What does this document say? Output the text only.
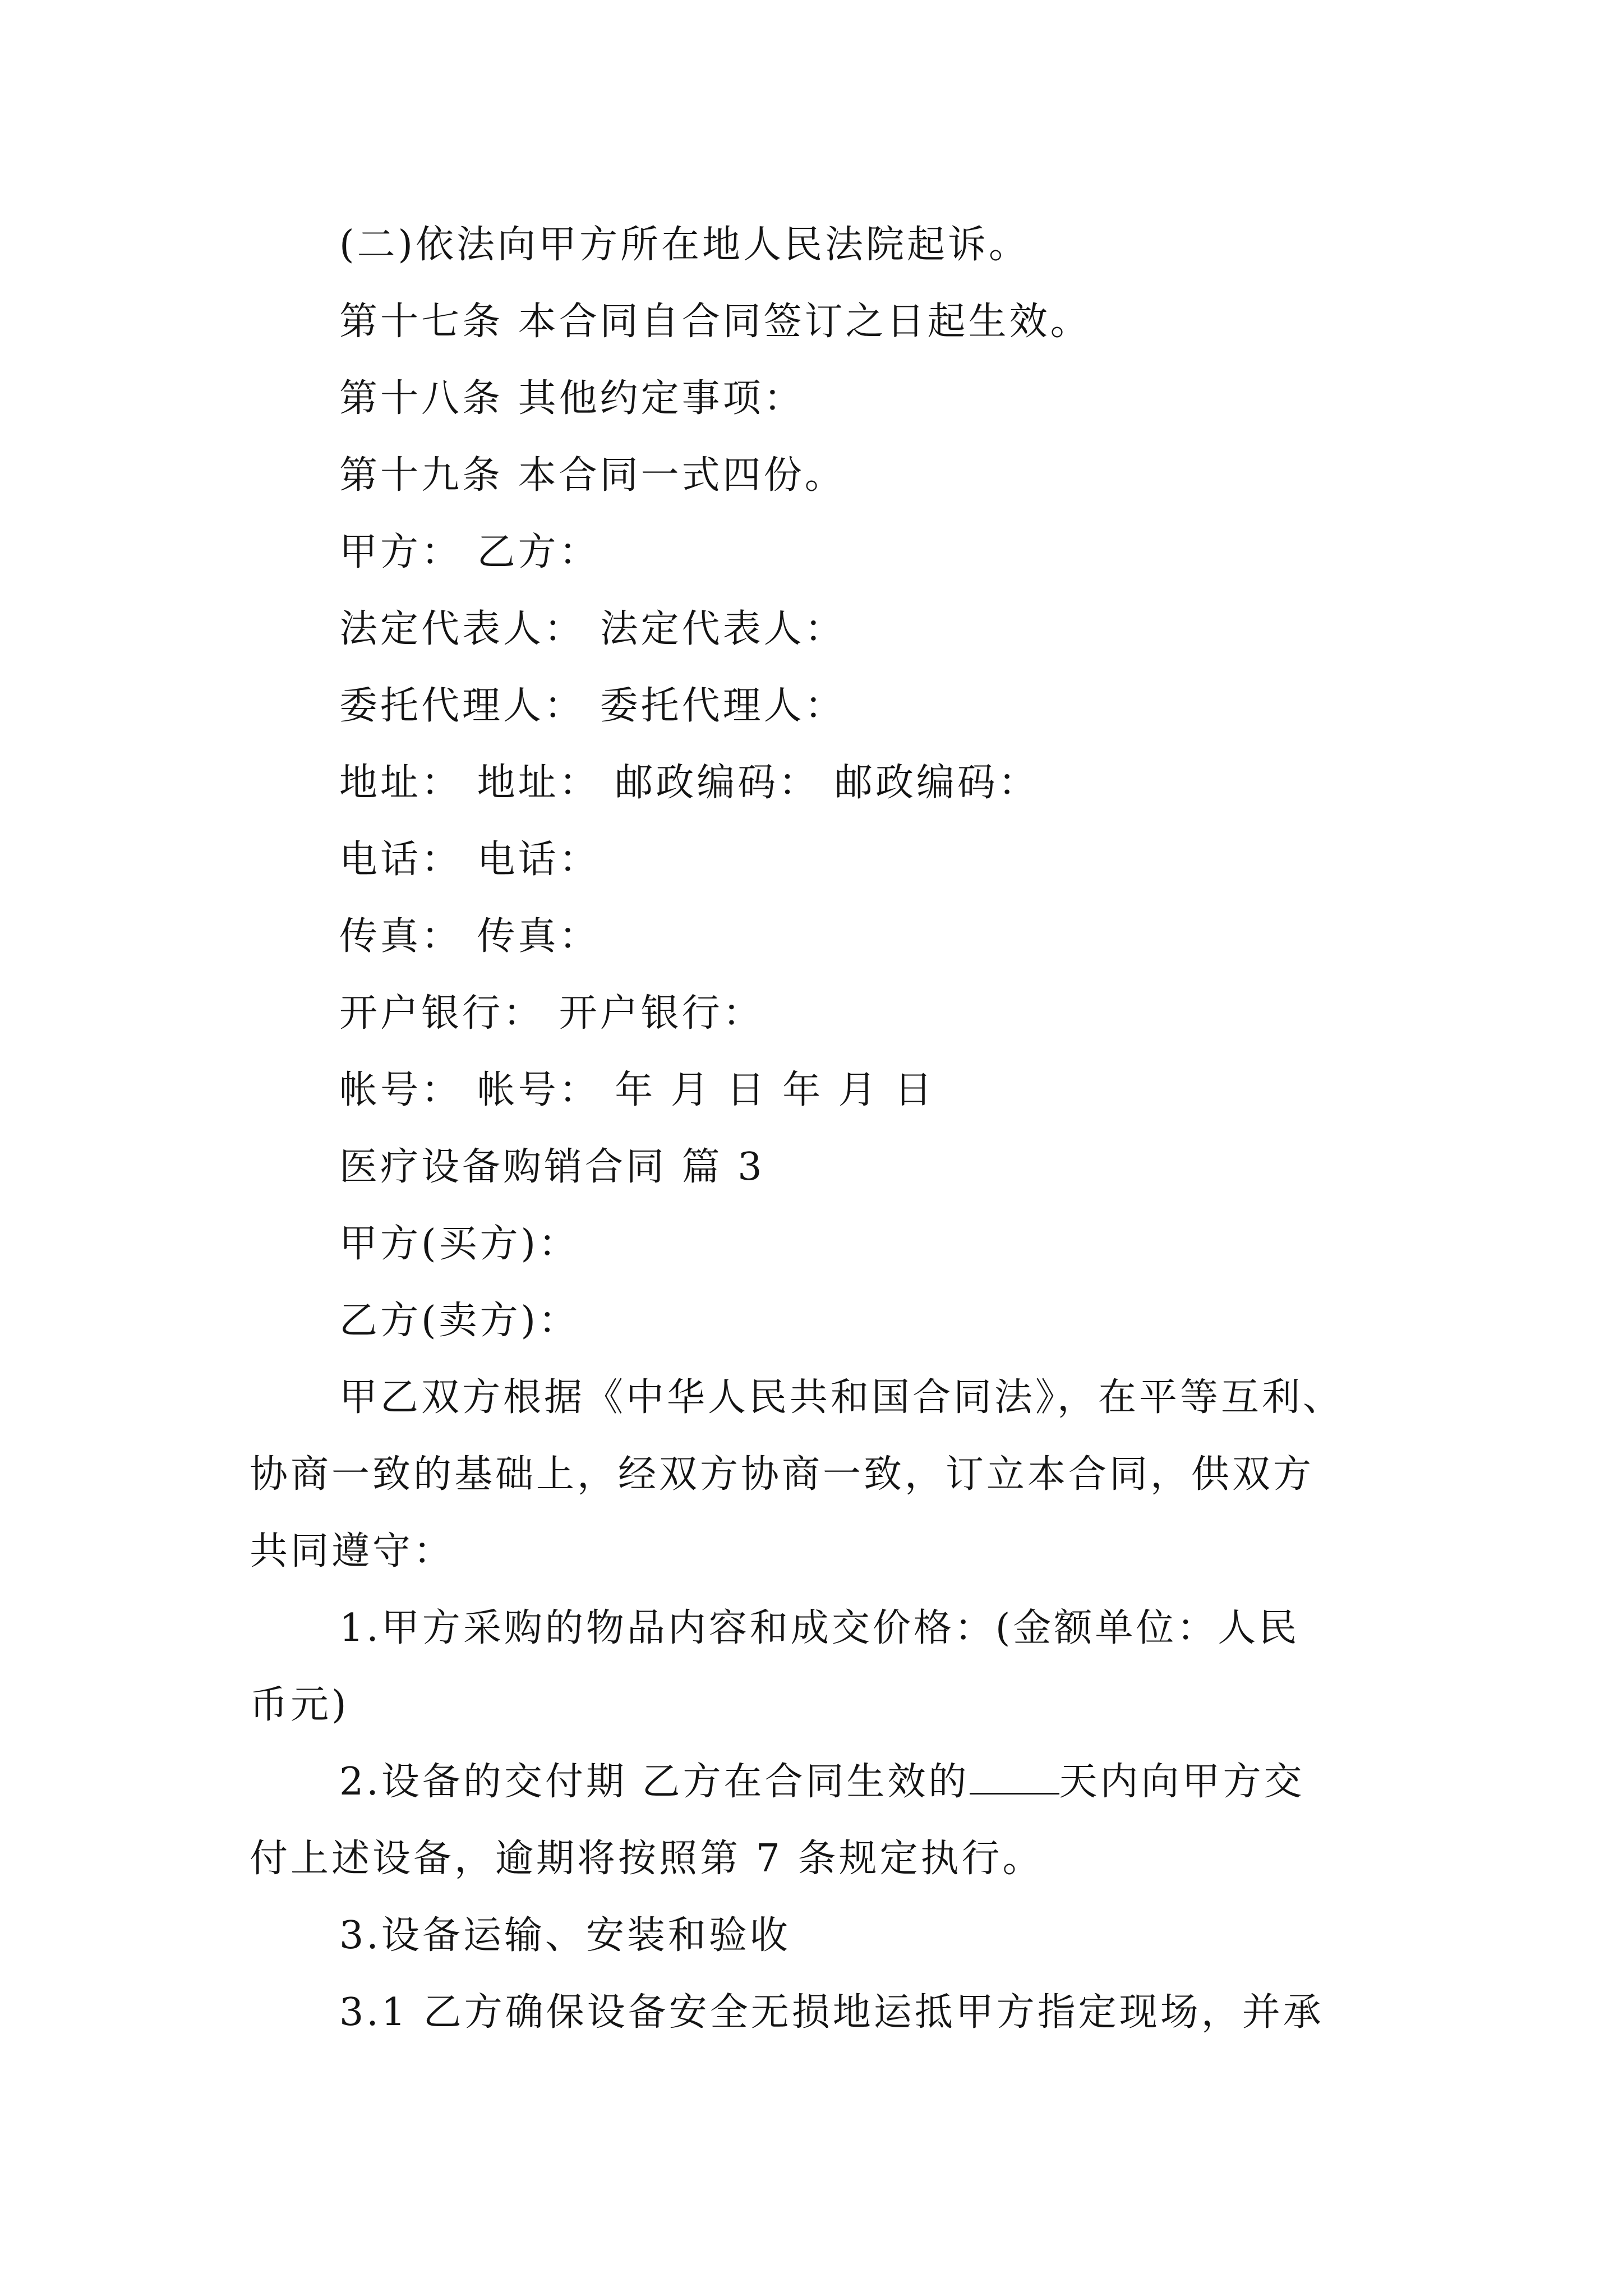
(二)依法向甲方所在地人民法院起诉。
第十七条 本合同自合同签订之日起生效。
第十八条 其他约定事项：
第十九条 本合同一式四份。
甲方： 乙方：
法定代表人： 法定代表人：
委托代理人： 委托代理人：
地址： 地址： 邮政编码： 邮政编码：
电话： 电话：
传真： 传真：
开户银行： 开户银行：
帐号： 帐号： 年 月 日 年 月 日
医疗设备购销合同 篇 3
甲方(买方)：
乙方(卖方)：
甲乙双方根据《中华人民共和国合同法》，在平等互利、
协商一致的基础上，经双方协商一致，订立本合同，供双方
共同遵守：
1.甲方采购的物品内容和成交价格：(金额单位：人民
币元)
2.设备的交付期 乙方在合同生效的 天内向甲方交
付上述设备，逾期将按照第 7 条规定执行。
3.设备运输、安装和验收
3.1 乙方确保设备安全无损地运抵甲方指定现场，并承
